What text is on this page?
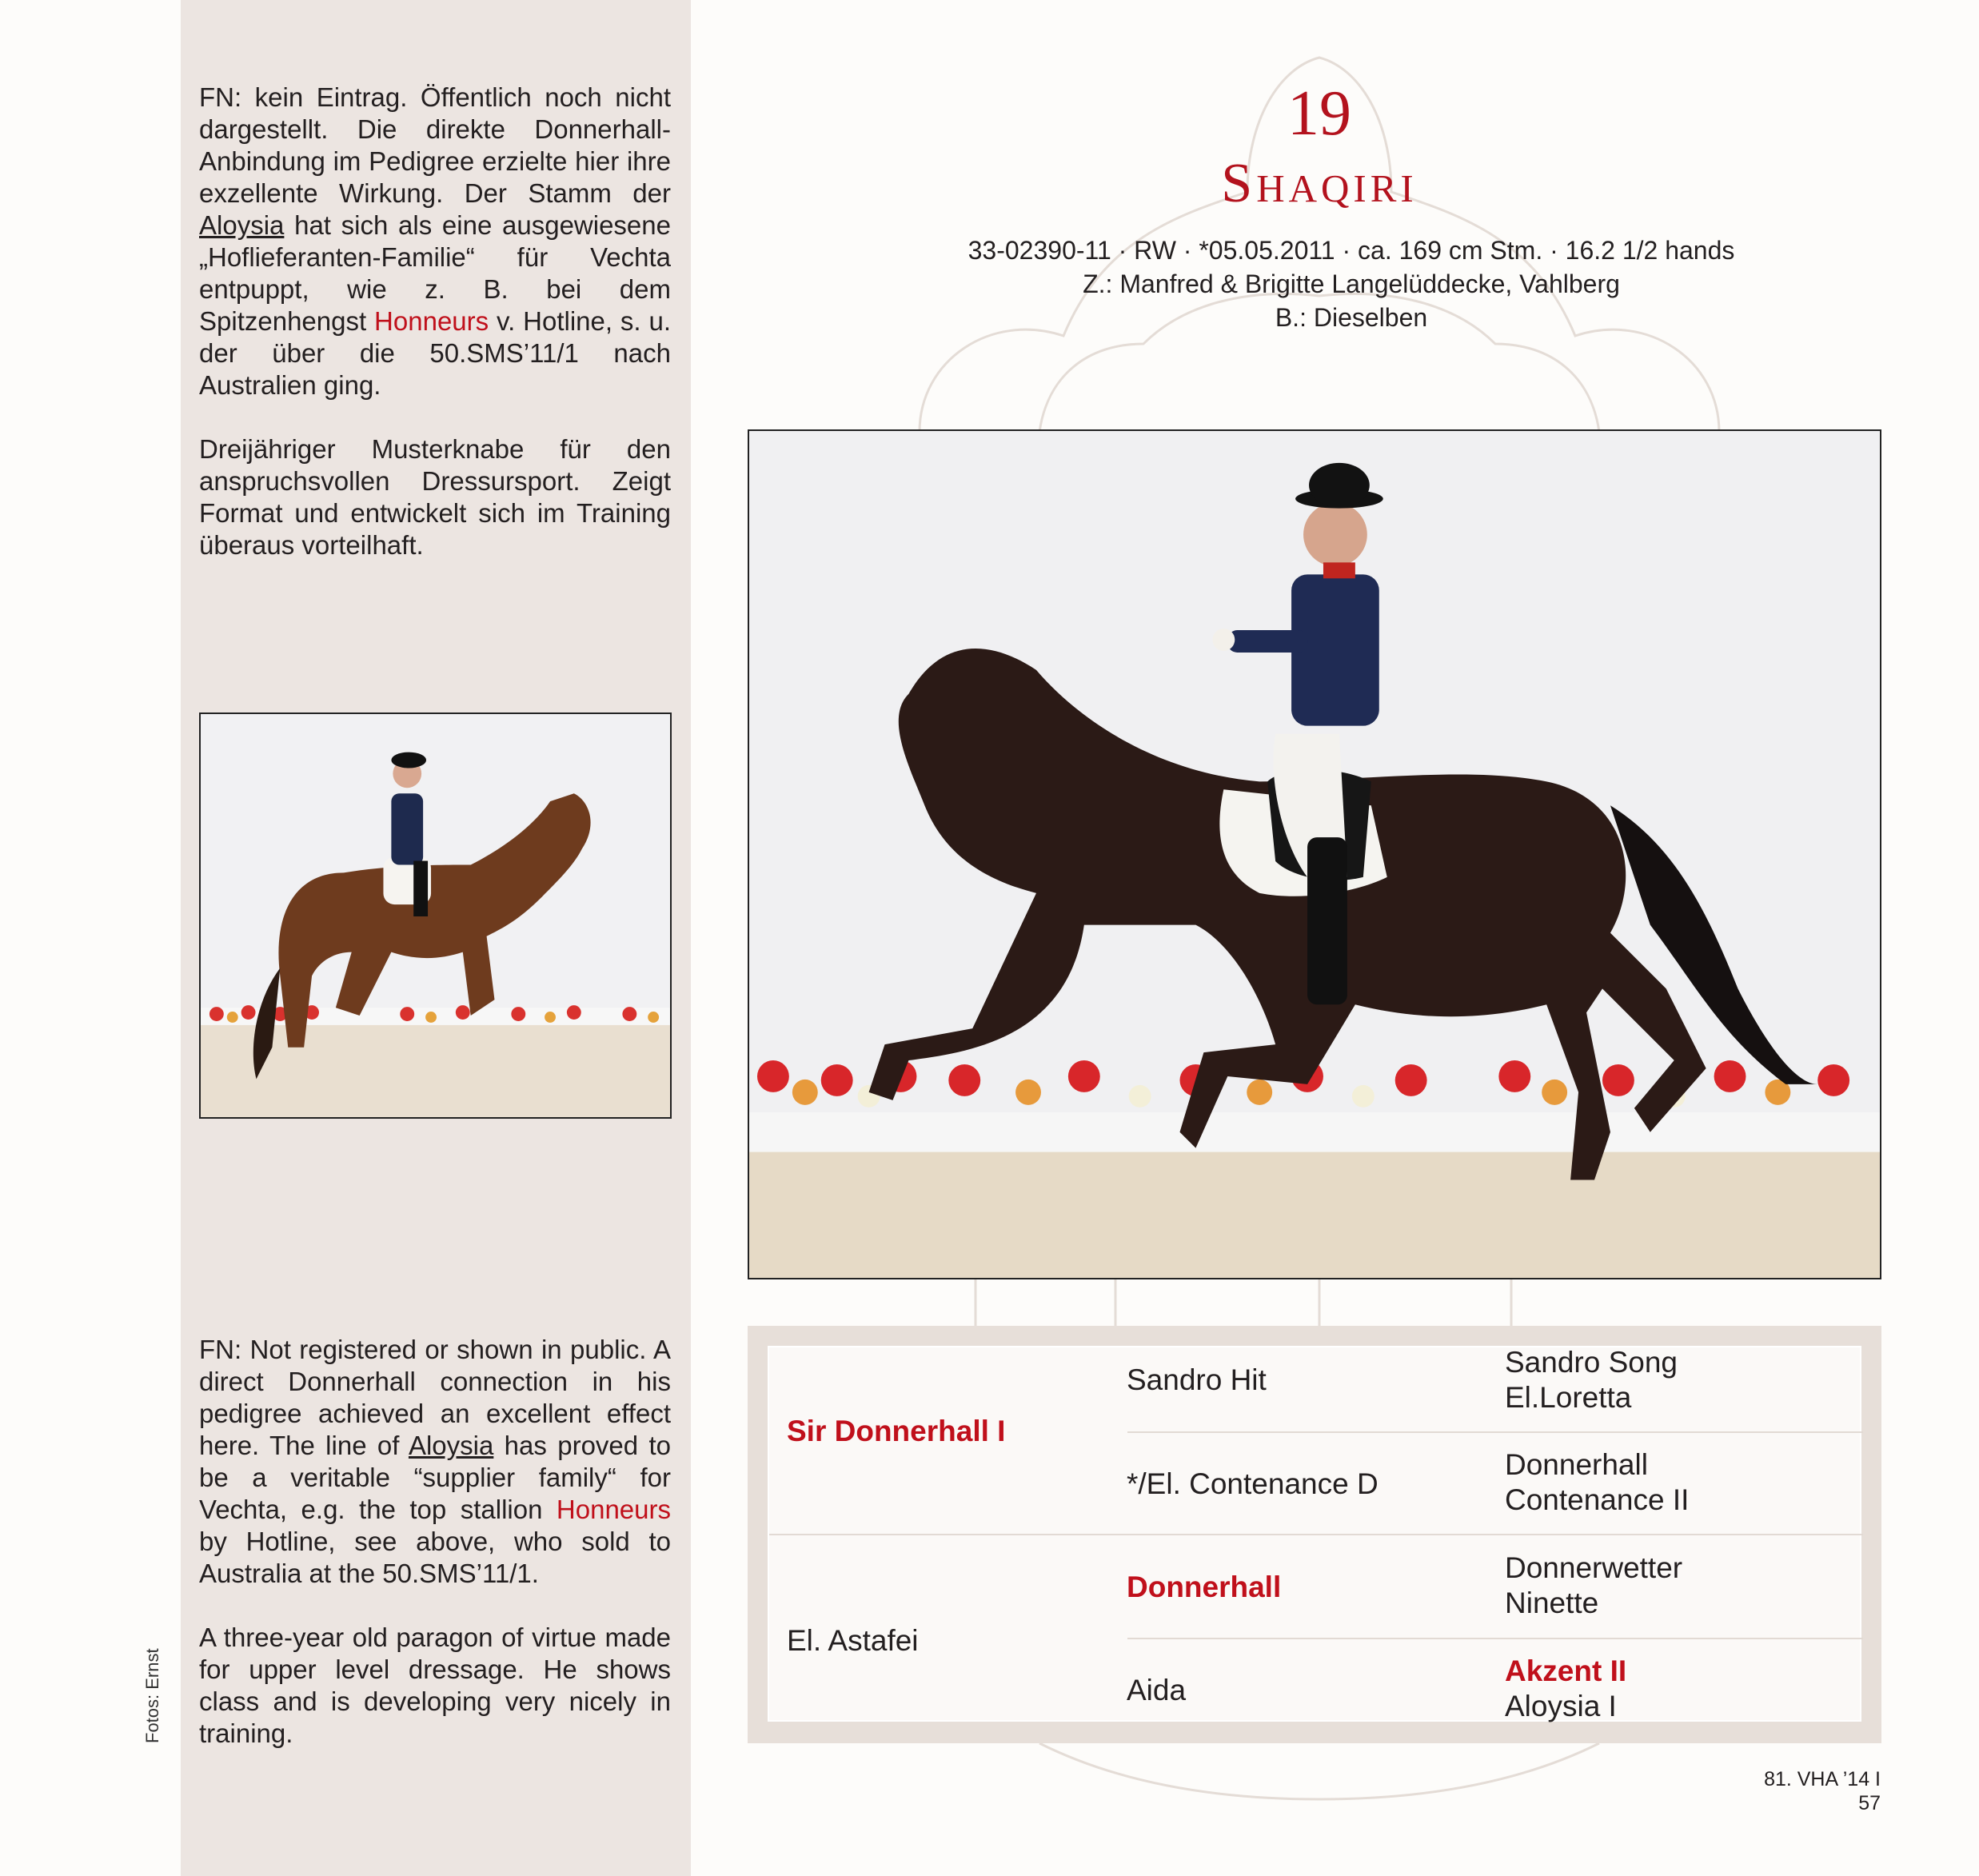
FN: kein Eintrag. Öffentlich noch nicht dargestellt. Die direkte Donnerhall-Anbindung im Pedigree erzielte hier ihre exzellente Wirkung. Der Stamm der Aloysia hat sich als eine ausgewiesene „Hoflieferanten-Familie“ für Vechta entpuppt, wie z. B. bei dem Spitzenhengst Honneurs v. Hotline, s. u. der über die 50.SMS’11/1 nach Australien ging.

Dreijähriger Musterknabe für den anspruchsvollen Dressursport. Zeigt Format und entwickelt sich im Training überaus vorteilhaft.

FN: Not registered or shown in public. A direct Donnerhall connection in his pedigree achieved an excellent effect here. The line of Aloysia has proved to be a veritable “supplier family“ for Vechta, e.g. the top stallion Honneurs by Hotline, see above, who sold to Australia at the 50.SMS’11/1.

A three-year old paragon of virtue made for upper level dressage. He shows class and is developing very nicely in training.

Fotos: Ernst
19
Shaqiri
33-02390-11 · RW · *05.05.2011 · ca. 169 cm Stm. · 16.2 1/2 hands
Z.: Manfred & Brigitte Langelüddecke, Vahlberg
B.: Dieselben
Sir Donnerhall I
El. Astafei
Sandro Hit
*/El. Contenance D
Donnerhall
Aida
Sandro Song
El.Loretta
Donnerhall
Contenance II
Donnerwetter
Ninette
Akzent II
Aloysia I
81. VHA ’14 I 57
